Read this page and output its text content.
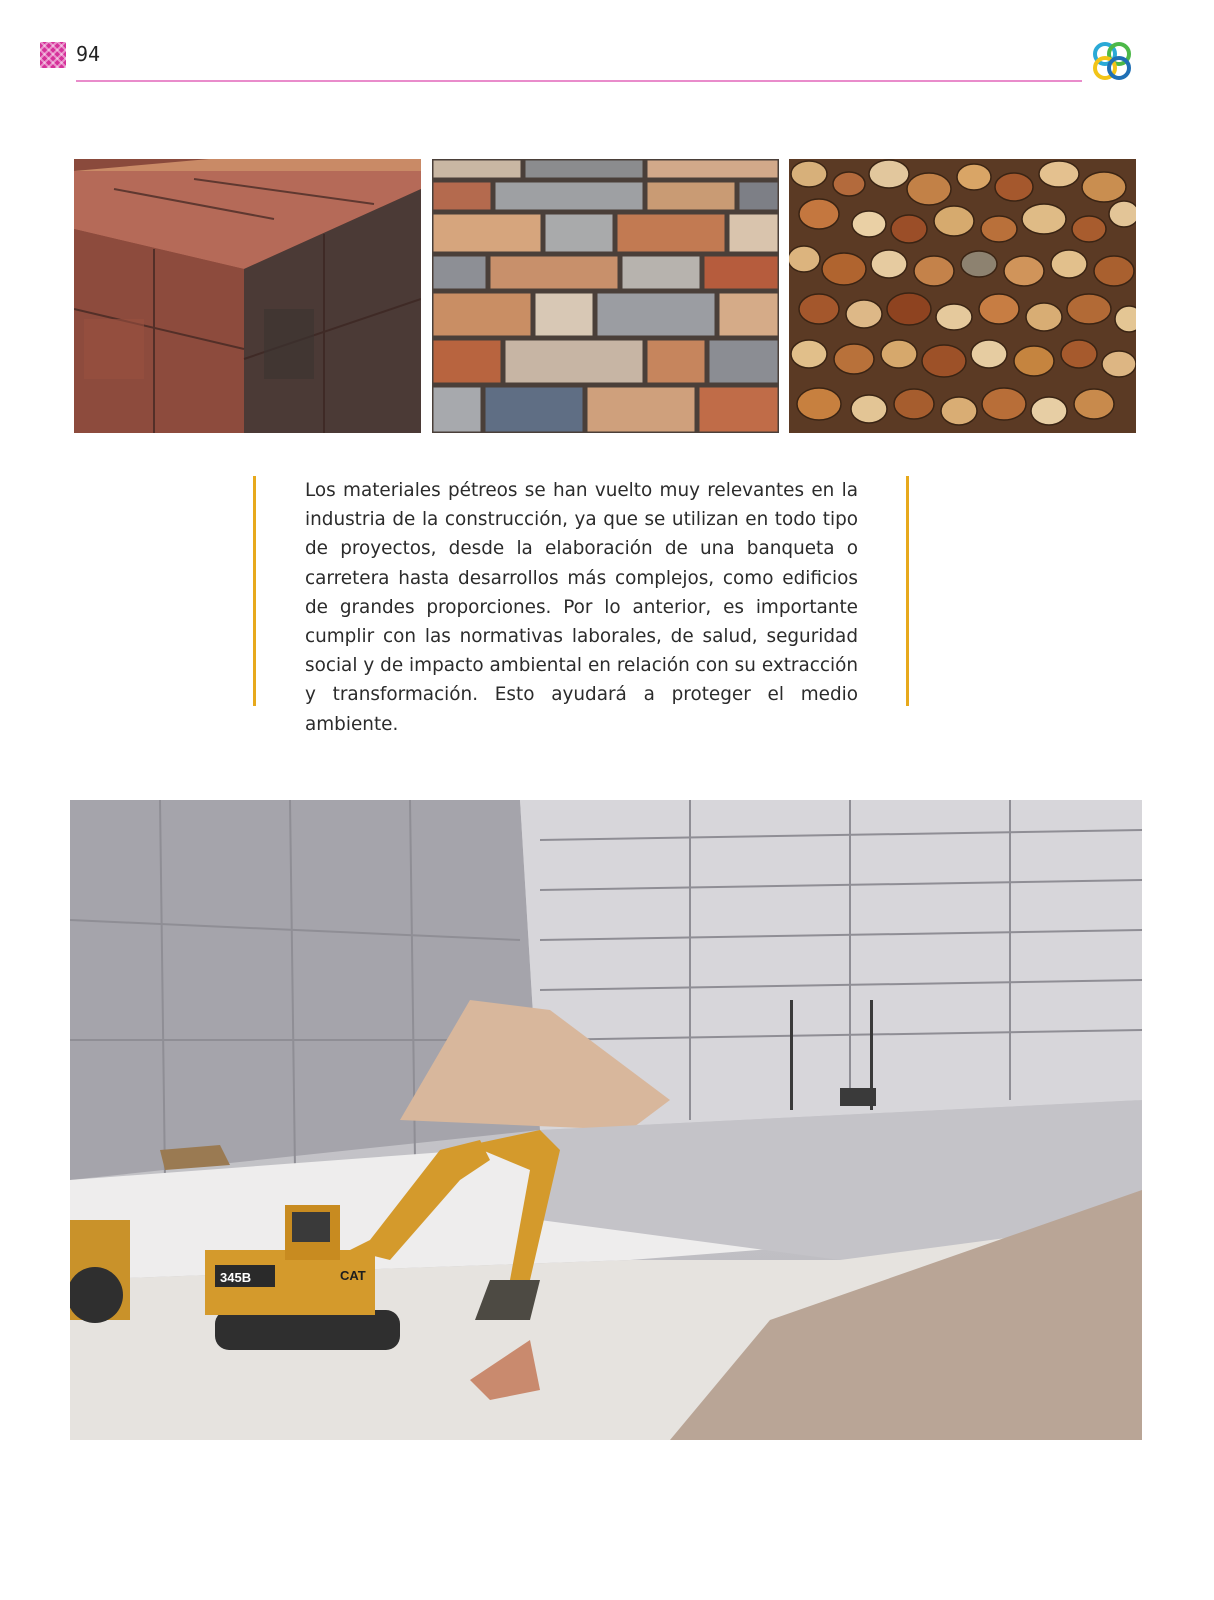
94

Los materiales pétreos se han vuelto muy relevantes en la industria de la construcción, ya que se utilizan en todo tipo de proyectos, desde la elaboración de una banqueta o carretera hasta desarrollos más complejos, como edificios de grandes proporciones. Por lo anterior, es importante cumplir con las normativas laborales, de salud, seguridad social y de impacto ambiental en relación con su extracción y transformación. Esto ayudará a proteger el medio ambiente.

345B	CAT
